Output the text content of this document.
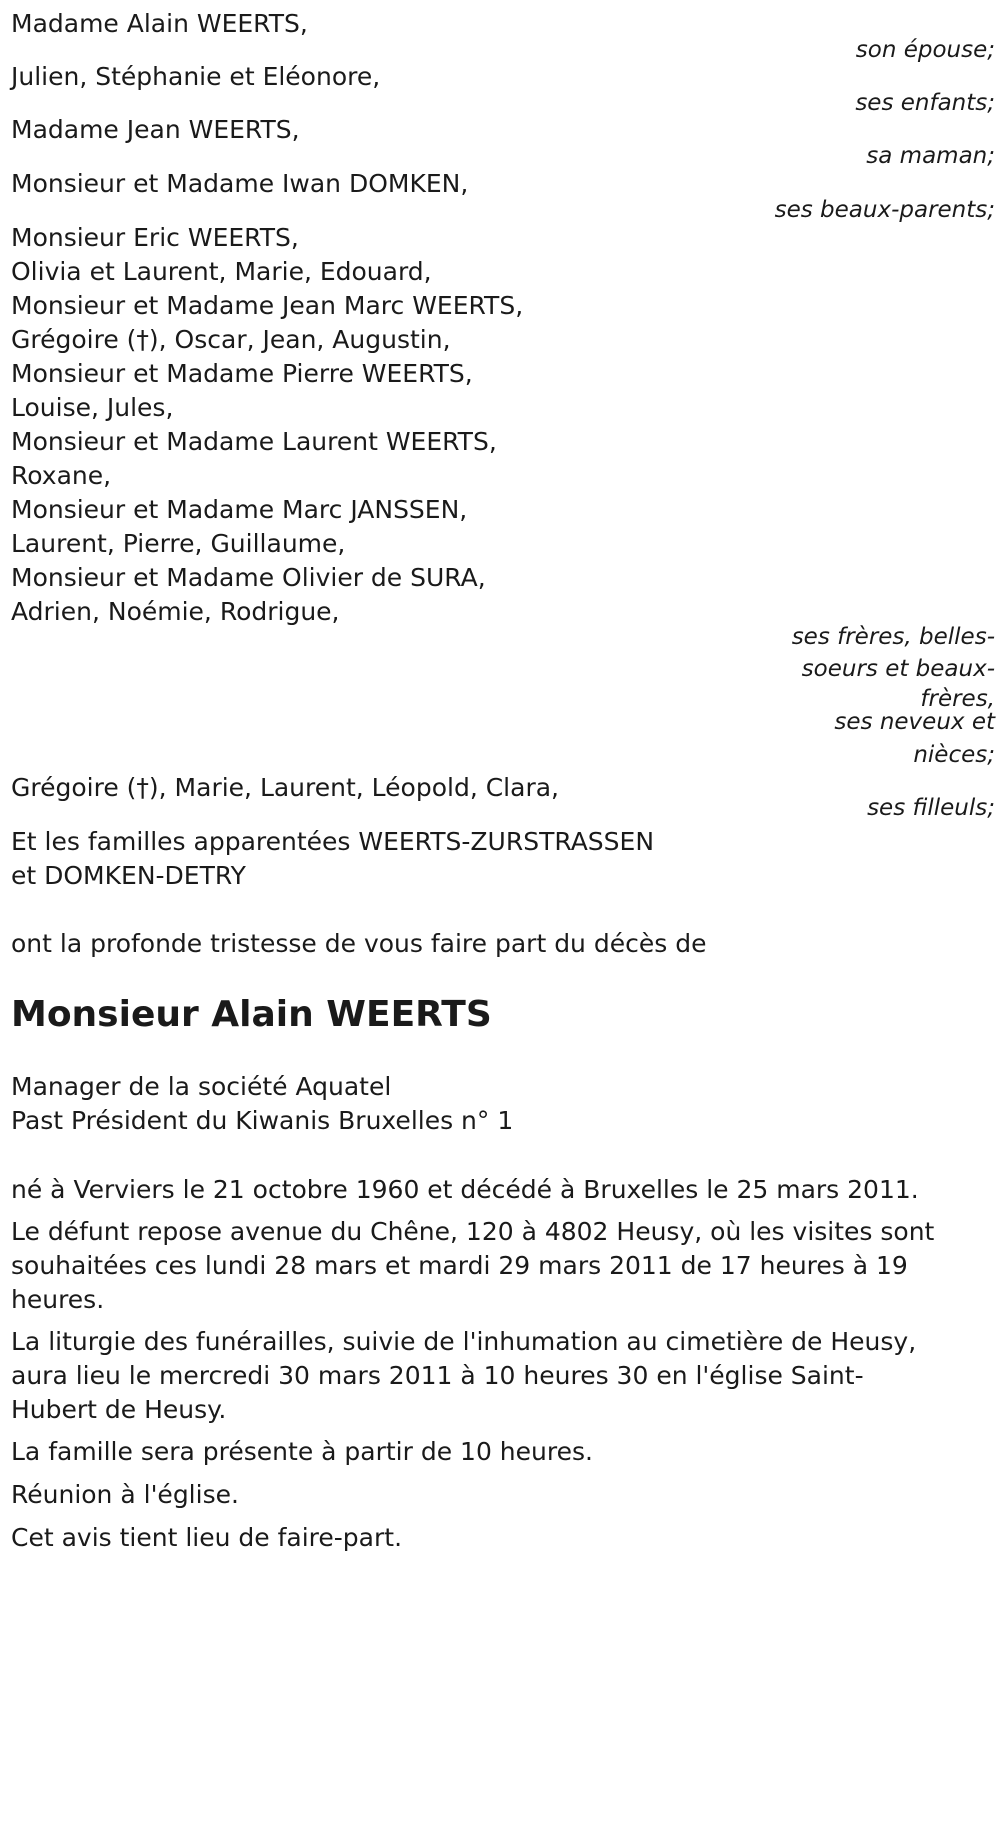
Madame Alain WEERTS,
son épouse;
Julien, Stéphanie et Eléonore,
ses enfants;
Madame Jean WEERTS,
sa maman;
Monsieur et Madame Iwan DOMKEN,
ses beaux-parents;
Monsieur Eric WEERTS,
Olivia et Laurent, Marie, Edouard,
Monsieur et Madame Jean Marc WEERTS,
Grégoire (†), Oscar, Jean, Augustin,
Monsieur et Madame Pierre WEERTS,
Louise, Jules,
Monsieur et Madame Laurent WEERTS,
Roxane,
Monsieur et Madame Marc JANSSEN,
Laurent, Pierre, Guillaume,
Monsieur et Madame Olivier de SURA,
Adrien, Noémie, Rodrigue,
ses frères, belles-
soeurs et beaux-
frères,
ses neveux et
nièces;
Grégoire (†), Marie, Laurent, Léopold, Clara,
ses filleuls;
Et les familles apparentées WEERTS-ZURSTRASSEN
et DOMKEN-DETRY
ont la profonde tristesse de vous faire part du décès de
Monsieur Alain WEERTS
Manager de la société Aquatel
Past Président du Kiwanis Bruxelles n° 1
né à Verviers le 21 octobre 1960 et décédé à Bruxelles le 25 mars 2011.
Le défunt repose avenue du Chêne, 120 à 4802 Heusy, où les visites sont
souhaitées ces lundi 28 mars et mardi 29 mars 2011 de 17 heures à 19
heures.
La liturgie des funérailles, suivie de l'inhumation au cimetière de Heusy,
aura lieu le mercredi 30 mars 2011 à 10 heures 30 en l'église Saint-
Hubert de Heusy.
La famille sera présente à partir de 10 heures.
Réunion à l'église.
Cet avis tient lieu de faire-part.
